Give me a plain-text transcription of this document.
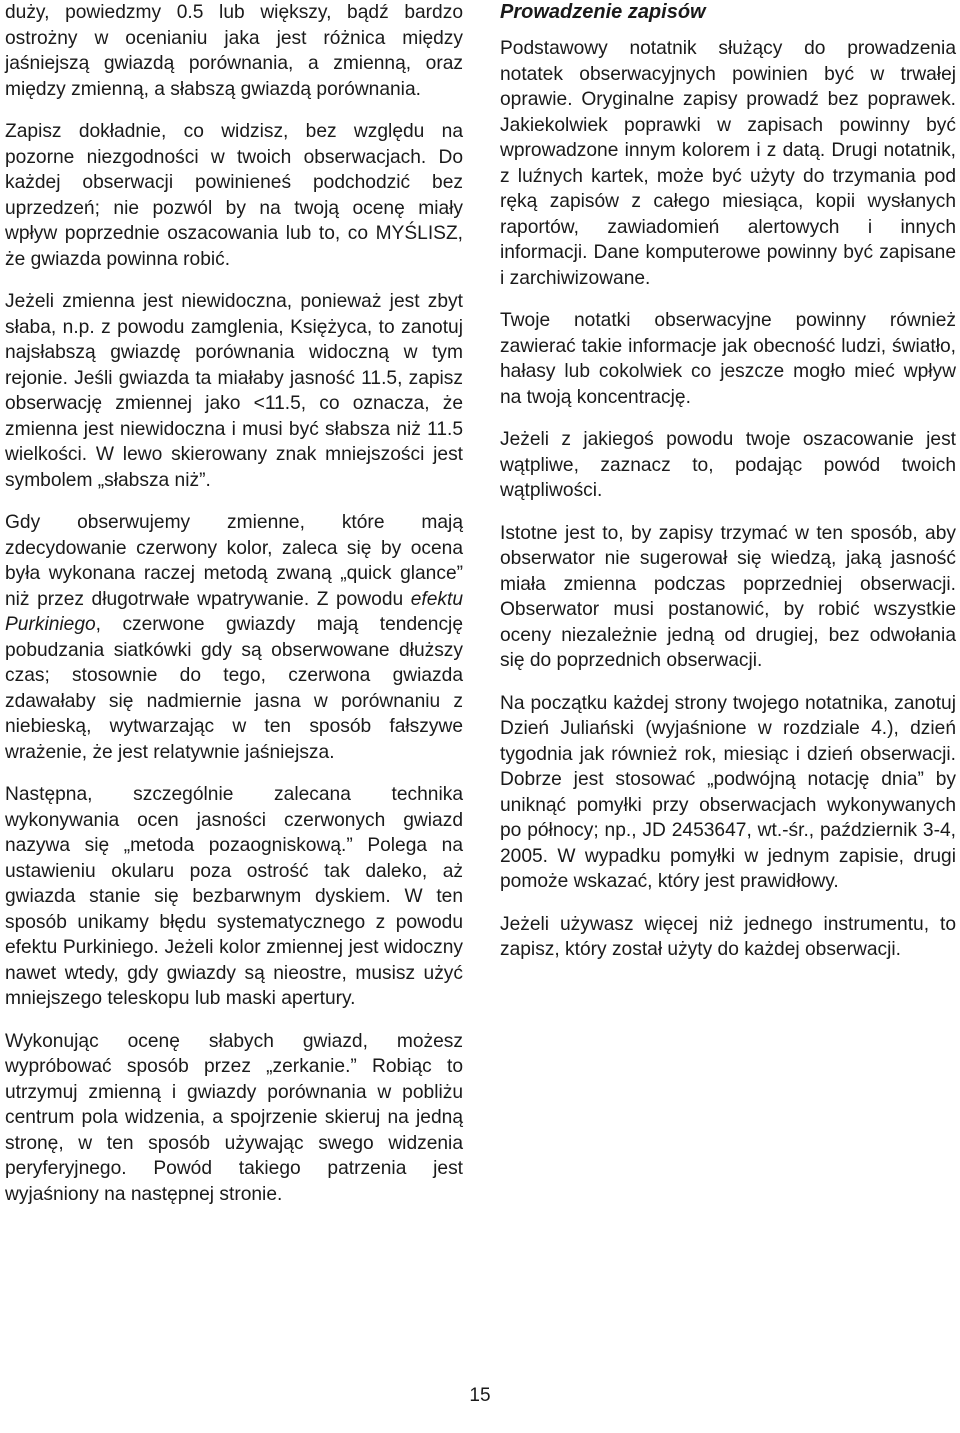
duży, powiedzmy 0.5 lub większy, bądź bardzo ostrożny w ocenianiu jaka jest różnica między jaśniejszą gwiazdą porównania, a zmienną, oraz między zmienną, a słabszą gwiazdą porównania.

Zapisz dokładnie, co widzisz, bez względu na pozorne niezgodności w twoich obserwacjach. Do każdej obserwacji powinieneś podchodzić bez uprzedzeń; nie pozwól by na twoją ocenę miały wpływ poprzednie oszacowania lub to, co MYŚLISZ, że gwiazda powinna robić.

Jeżeli zmienna jest niewidoczna, ponieważ jest zbyt słaba, n.p. z powodu zamglenia, Księżyca, to zanotuj najsłabszą gwiazdę porównania widoczną w tym rejonie. Jeśli gwiazda ta miałaby jasność 11.5, zapisz obserwację zmiennej jako <11.5, co oznacza, że zmienna jest niewidoczna i musi być słabsza niż 11.5 wielkości. W lewo skierowany znak mniejszości jest symbolem „słabsza niż”.

Gdy obserwujemy zmienne, które mają zdecydowanie czerwony kolor, zaleca się by ocena była wykonana raczej metodą zwaną „quick glance” niż przez długotrwałe wpatrywanie. Z powodu efektu Purkiniego, czerwone gwiazdy mają tendencję pobudzania siatkówki gdy są obserwowane dłuższy czas; stosownie do tego, czerwona gwiazda zdawałaby się nadmiernie jasna w porównaniu z niebieską, wytwarzając w ten sposób fałszywe wrażenie, że jest relatywnie jaśniejsza.

Następna, szczególnie zalecana technika wykonywania ocen jasności czerwonych gwiazd nazywa się „metoda pozaogniskową.” Polega na ustawieniu okularu poza ostrość tak daleko, aż gwiazda stanie się bezbarwnym dyskiem. W ten sposób unikamy błędu systematycznego z powodu efektu Purkiniego. Jeżeli kolor zmiennej jest widoczny nawet wtedy, gdy gwiazdy są nieostre, musisz użyć mniejszego teleskopu lub maski apertury.

Wykonując ocenę słabych gwiazd, możesz wypróbować sposób przez „zerkanie.” Robiąc to utrzymuj zmienną i gwiazdy porównania w pobliżu centrum pola widzenia, a spojrzenie skieruj na jedną stronę, w ten sposób używając swego widzenia peryferyjnego. Powód takiego patrzenia jest wyjaśniony na następnej stronie.

Prowadzenie zapisów

Podstawowy notatnik służący do prowadzenia notatek obserwacyjnych powinien być w trwałej oprawie. Oryginalne zapisy prowadź bez poprawek. Jakiekolwiek poprawki w zapisach powinny być wprowadzone innym kolorem i z datą. Drugi notatnik, z luźnych kartek, może być użyty do trzymania pod ręką zapisów z całego miesiąca, kopii wysłanych raportów, zawiadomień alertowych i innych informacji. Dane komputerowe powinny być zapisane i zarchiwizowane.

Twoje notatki obserwacyjne powinny również zawierać takie informacje jak obecność ludzi, światło, hałasy lub cokolwiek co jeszcze mogło mieć wpływ na twoją koncentrację.

Jeżeli z jakiegoś powodu twoje oszacowanie jest wątpliwe, zaznacz to, podając powód twoich wątpliwości.

Istotne jest to, by zapisy trzymać w ten sposób, aby obserwator nie sugerował się wiedzą, jaką jasność miała zmienna podczas poprzedniej obserwacji. Obserwator musi postanowić, by robić wszystkie oceny niezależnie jedną od drugiej, bez odwołania się do poprzednich obserwacji.

Na początku każdej strony twojego notatnika, zanotuj Dzień Juliański (wyjaśnione w rozdziale 4.), dzień tygodnia jak również rok, miesiąc i dzień obserwacji. Dobrze jest stosować „podwójną notację dnia” by uniknąć pomyłki przy obserwacjach wykonywanych po północy; np., JD 2453647, wt.-śr., październik 3-4, 2005. W wypadku pomyłki w jednym zapisie, drugi pomoże wskazać, który jest prawidłowy.

Jeżeli używasz więcej niż jednego instrumentu, to zapisz, który został użyty do każdej obserwacji.

15
